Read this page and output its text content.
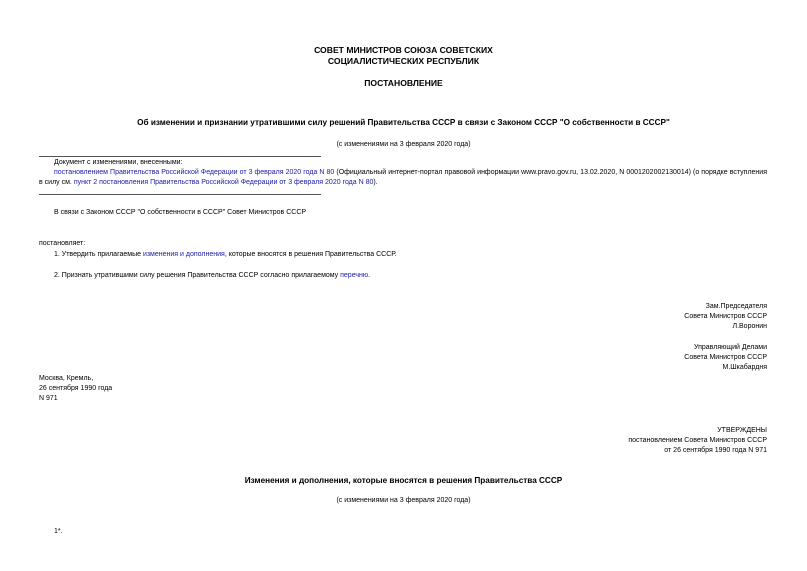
СОВЕТ МИНИСТРОВ СОЮЗА СОВЕТСКИХ
СОЦИАЛИСТИЧЕСКИХ РЕСПУБЛИК
ПОСТАНОВЛЕНИЕ
Об изменении и признании утратившими силу решений Правительства СССР в связи с Законом СССР "О собственности в СССР"
(с изменениями на 3 февраля 2020 года)
Документ с изменениями, внесенными:
постановлением Правительства Российской Федерации от 3 февраля 2020 года N 80 (Официальный интернет-портал правовой информации www.pravo.gov.ru, 13.02.2020, N 0001202002130014) (о порядке вступления в силу см. пункт 2 постановления Правительства Российской Федерации от 3 февраля 2020 года N 80).
В связи с Законом СССР "О собственности в СССР" Совет Министров СССР
постановляет:
1. Утвердить прилагаемые изменения и дополнения, которые вносятся в решения Правительства СССР.
2. Признать утратившими силу решения Правительства СССР согласно прилагаемому перечню.
Зам.Председателя
Совета Министров СССР
Л.Воронин
Управляющий Делами
Совета Министров СССР
М.Шкабардня
Москва, Кремль,
26 сентября 1990 года
N 971
УТВЕРЖДЕНЫ
постановлением Совета Министров СССР
от 26 сентября 1990 года N 971
Изменения и дополнения, которые вносятся в решения Правительства СССР
(с изменениями на 3 февраля 2020 года)
1*.
